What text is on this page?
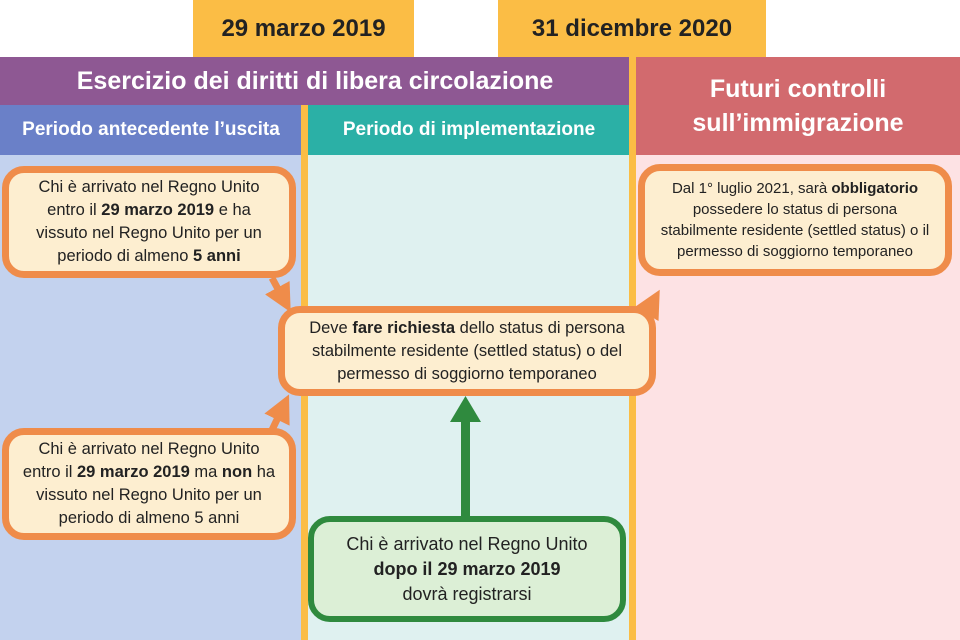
29 marzo 2019	31 dicembre 2020
Esercizio dei diritti di libera circolazione	Futuri controlli
sull’immigrazione
Periodo antecedente l’uscita	Periodo di implementazione
Chi è arrivato nel Regno Unito
entro il 29 marzo 2019 e ha
vissuto nel Regno Unito per un
periodo di almeno 5 anni
Chi è arrivato nel Regno Unito
entro il 29 marzo 2019 ma non ha
vissuto nel Regno Unito per un
periodo di almeno 5 anni
Deve fare richiesta dello status di persona
stabilmente residente (settled status) o del
permesso di soggiorno temporaneo
Dal 1° luglio 2021, sarà obbligatorio
possedere lo status di persona
stabilmente residente (settled status) o il
permesso di soggiorno temporaneo
Chi è arrivato nel Regno Unito
dopo il 29 marzo 2019
dovrà registrarsi
